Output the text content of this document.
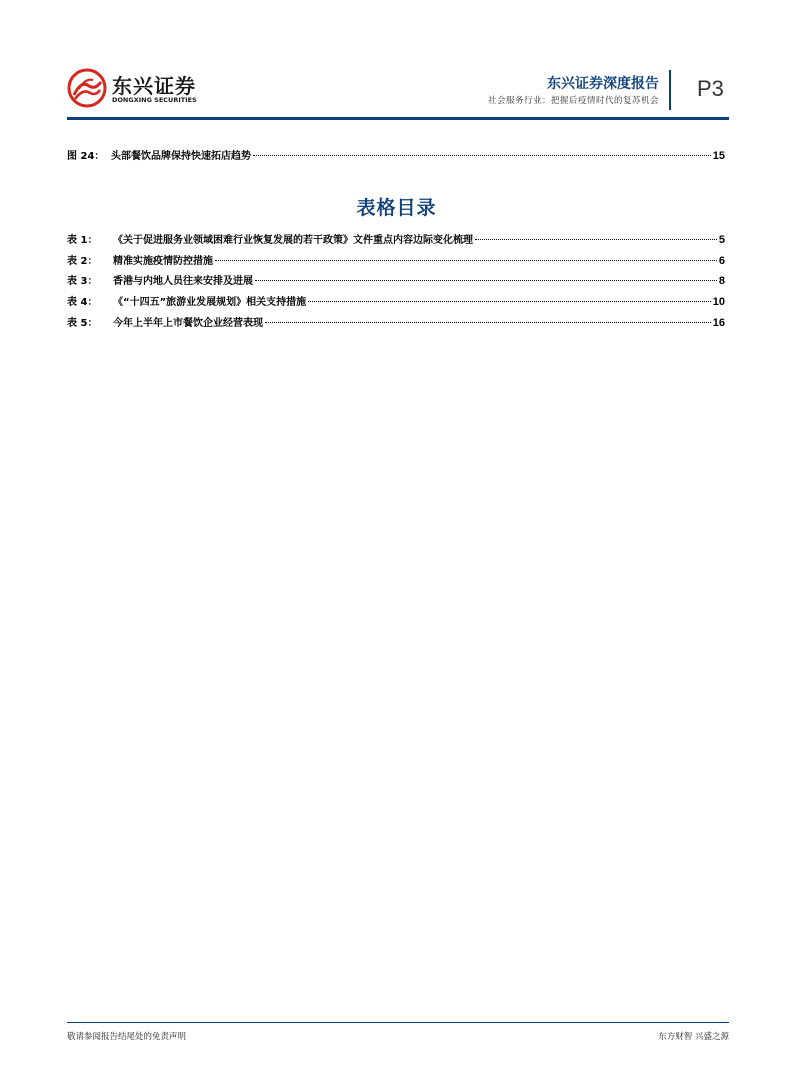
东兴证券
DONGXING SECURITIES
东兴证券深度报告
社会服务行业：把握后疫情时代的复苏机会 P3
图 24： 头部餐饮品牌保持快速拓店趋势	15
表格目录
表 1：	《关于促进服务业领域困难行业恢复发展的若干政策》文件重点内容边际变化梳理	5
表 2：	精准实施疫情防控措施	6
表 3：	香港与内地人员往来安排及进展	8
表 4：	《“十四五”旅游业发展规划》相关支持措施	10
表 5：	今年上半年上市餐饮企业经营表现	16
敬请参阅报告结尾处的免责声明	东方财智 兴盛之源
